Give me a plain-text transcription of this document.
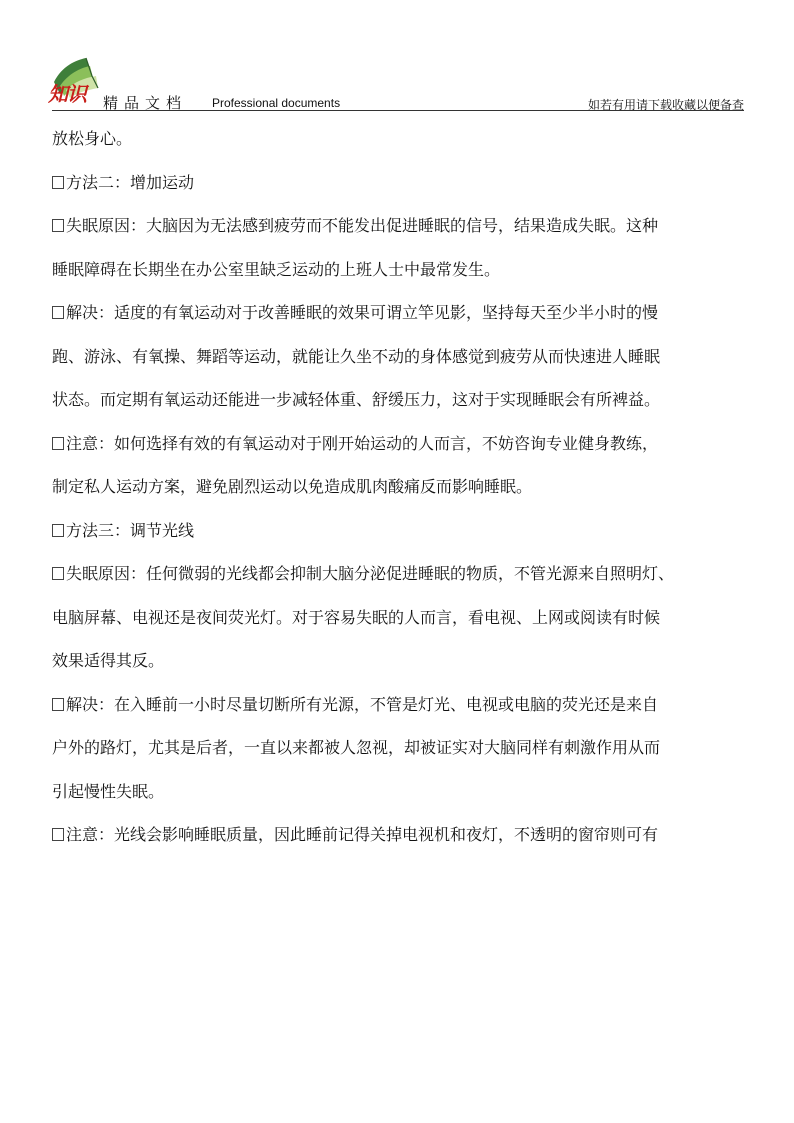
知识 精品文档 Professional documents	如若有用请下载收藏以便备查
放松身心。
方法二：增加运动
失眠原因：大脑因为无法感到疲劳而不能发出促进睡眠的信号，结果造成失眠。这种
睡眠障碍在长期坐在办公室里缺乏运动的上班人士中最常发生。
解决：适度的有氧运动对于改善睡眠的效果可谓立竿见影，坚持每天至少半小时的慢
跑、游泳、有氧操、舞蹈等运动，就能让久坐不动的身体感觉到疲劳从而快速进人睡眠
状态。而定期有氧运动还能进一步减轻体重、舒缓压力，这对于实现睡眠会有所裨益。
注意：如何选择有效的有氧运动对于刚开始运动的人而言，不妨咨询专业健身教练，
制定私人运动方案，避免剧烈运动以免造成肌肉酸痛反而影响睡眠。
方法三：调节光线
失眠原因：任何微弱的光线都会抑制大脑分泌促进睡眠的物质，不管光源来自照明灯、
电脑屏幕、电视还是夜间荧光灯。对于容易失眠的人而言，看电视、上网或阅读有时候
效果适得其反。
解决：在入睡前一小时尽量切断所有光源，不管是灯光、电视或电脑的荧光还是来自
户外的路灯，尤其是后者，一直以来都被人忽视，却被证实对大脑同样有刺激作用从而
引起慢性失眠。
注意：光线会影响睡眠质量，因此睡前记得关掉电视机和夜灯，不透明的窗帘则可有
